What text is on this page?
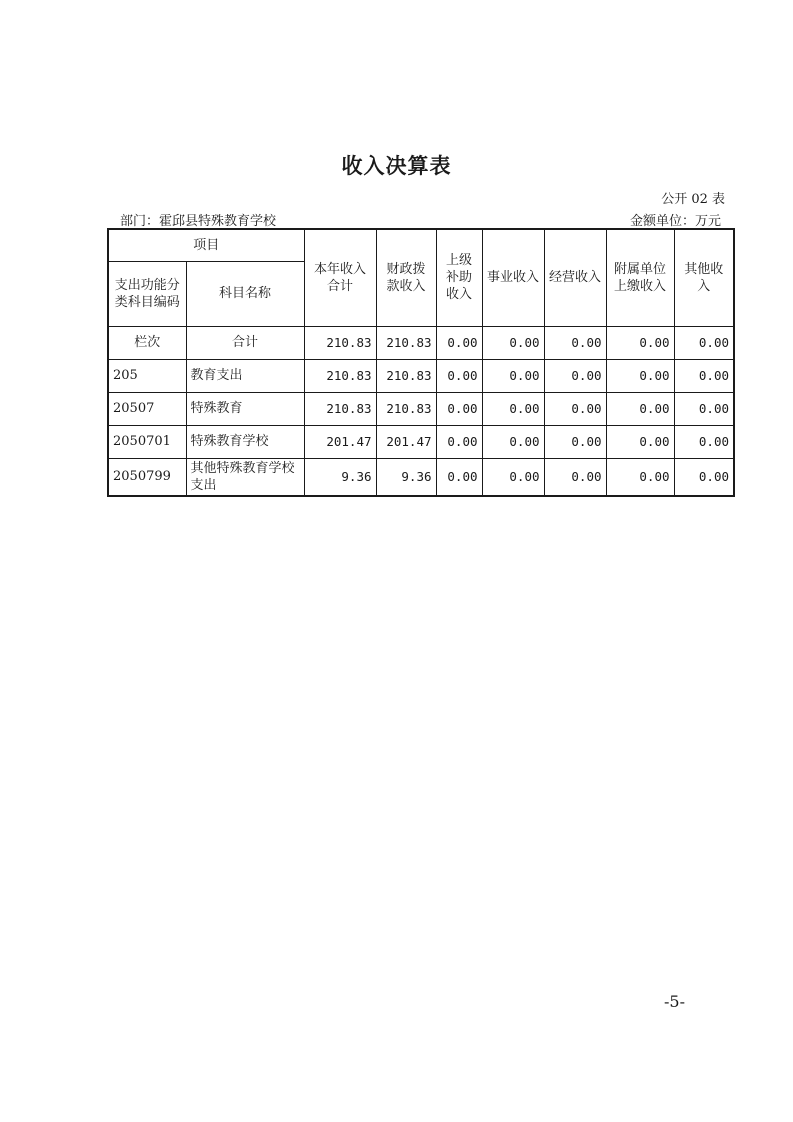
收入决算表
公开 02 表
部门：霍邱县特殊教育学校	金额单位：万元
项目		本年收入合计	财政拨款收入	上级补助收入	事业收入	经营收入	附属单位上缴收入	其他收入
支出功能分类科目编码	科目名称							
栏次	合计	210.83	210.83	0.00	0.00	0.00	0.00	0.00
205	教育支出	210.83	210.83	0.00	0.00	0.00	0.00	0.00
20507	特殊教育	210.83	210.83	0.00	0.00	0.00	0.00	0.00
2050701	特殊教育学校	201.47	201.47	0.00	0.00	0.00	0.00	0.00
2050799	其他特殊教育学校支出	9.36	9.36	0.00	0.00	0.00	0.00	0.00
-5-
